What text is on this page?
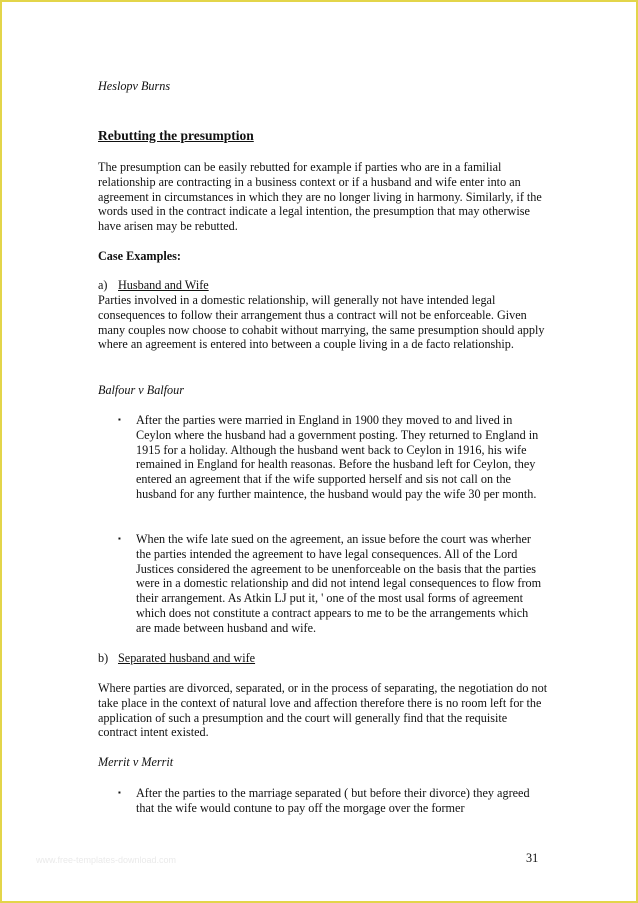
Heslopv Burns
Rebutting the presumption

The presumption can be easily rebutted for example if parties who are in a familial relationship are contracting in a business context or if a husband and wife enter into an agreement in circumstances in which they are no longer living in harmony. Similarly, if the words used in the contract indicate a legal intention, the presumption that may otherwise have arisen may be rebutted.

Case Examples:

a) Husband and Wife

Parties involved in a domestic relationship, will generally not have intended legal consequences to follow their arrangement thus a contract will not be enforceable. Given many couples now choose to cohabit without marrying, the same presumption should apply where an agreement is entered into between a couple living in a de facto relationship.

Balfour v Balfour
▪ After the parties were married in England in 1900 they moved to and lived in Ceylon where the husband had a government posting. They returned to England in 1915 for a holiday. Although the husband went back to Ceylon in 1916, his wife remained in England for health reasonas. Before the husband left for Ceylon, they entered an agreement that if the wife supported herself and sis not call on the husband for any further maintence, the husband would pay the wife 30 per month.

▪ When the wife late sued on the agreement, an issue before the court was wherher the parties intended the agreement to have legal consequences. All of the Lord Justices considered the agreement to be unenforceable on the basis that the parties were in a domestic relationship and did not intend legal consequences to flow from their arrangement. As Atkin LJ put it, ' one of the most usal forms of agreement which does not constitute a contract appears to me to be the arrangements which are made between husband and wife.

b) Separated husband and wife

Where parties are divorced, separated, or in the process of separating, the negotiation do not take place in the context of natural love and affection therefore there is no room left for the application of such a presumption and the court will generally find that the requisite contract intent existed.

Merrit v Merrit
▪ After the parties to the marriage separated ( but before their divorce) they agreed that the wife would contune to pay off the morgage over the former

www.free-templates-download.com	31
